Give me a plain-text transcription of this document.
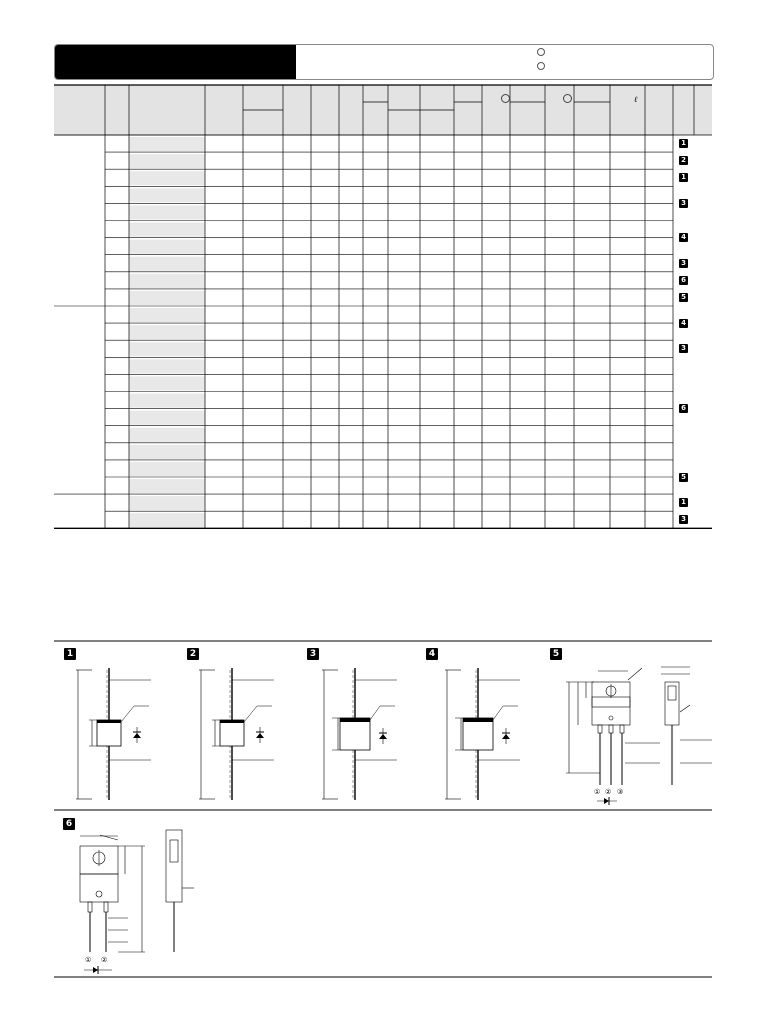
ℓ
1
2
1
3
4
3
6
5
4
3
6
5
1
3
① ② ③
① ②
1	2	3	4	5
6
